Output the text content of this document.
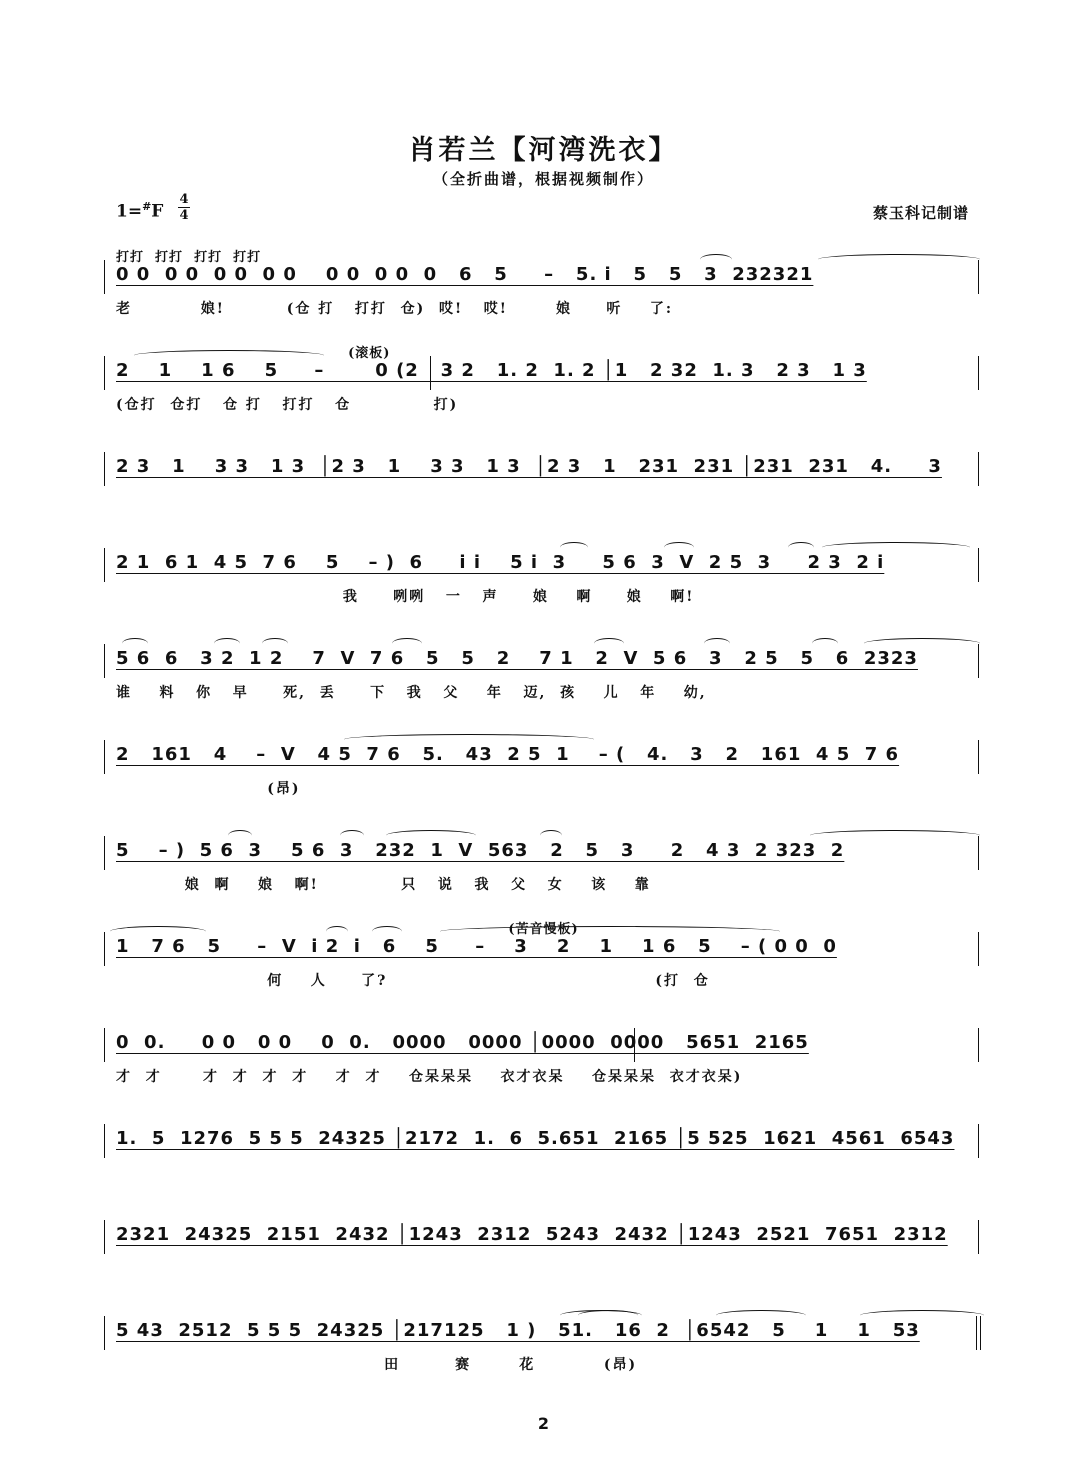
肖若兰【河湾洗衣】
（全折曲谱，根据视频制作）
1=#F
4
4	蔡玉科记制谱
打打  打打  打打  打打
0 0  0 0  0 0  0 0    0 0  0 0  0   6   5     –   5. i   5   5   3  232321
老          娘!         (仓 打   打打  仓)  哎!   哎!       娘     听    了:
(滚板)
2    1    1 6    5     –       0 (2   3 2   1. 2  1. 2 │1   2 32  1. 3   2 3   1 3
(仓打  仓打   仓 打   打打   仓            打)
2 3   1    3 3   1 3  │2 3   1    3 3   1 3  │2 3   1   231  231 │231  231   4.     3
2 1  6 1  4 5  7 6    5    – )  6     i i    5 i  3     5 6  3  V  2 5  3     2 3  2 i
我     咧咧   一   声     娘    啊     娘    啊!
5 6  6   3 2  1 2    7  V  7 6   5   5   2    7 1   2  V  5 6   3   2 5   5   6  2323
谁    料   你   早     死,  丢     下   我   父    年   迈,  孩    儿   年    幼,
2   161   4    –  V   4 5  7 6   5.   43  2 5  1    – (   4.   3   2   161  4 5  7 6
(昂)
5    – )  5 6  3    5 6  3   232  1  V  563   2   5   3     2   4 3  2 323  2
娘  啊    娘   啊!            只   说   我   父   女    该    靠
(苦音慢板)
1   7 6   5     –  V  i 2  i   6    5     –    3    2    1    1 6   5    – ( 0 0  0
何    人     了?                                       (打  仓
0  0.     0 0   0 0    0  0.   0000   0000 │0000  0000   5651  2165
才  才      才  才  才  才    才  才    仓呆呆呆    衣才衣呆    仓呆呆呆  衣才衣呆)
1.  5  1276  5 5 5  24325 │2172  1.  6  5.651  2165 │5 525  1621  4561  6543
2321  24325  2151  2432 │1243  2312  5243  2432 │1243  2521  7651  2312
5 43  2512  5 5 5  24325 │217125   1 )   51.   16  2  │6542   5    1    1   53
田        赛       花          (昂)
2
